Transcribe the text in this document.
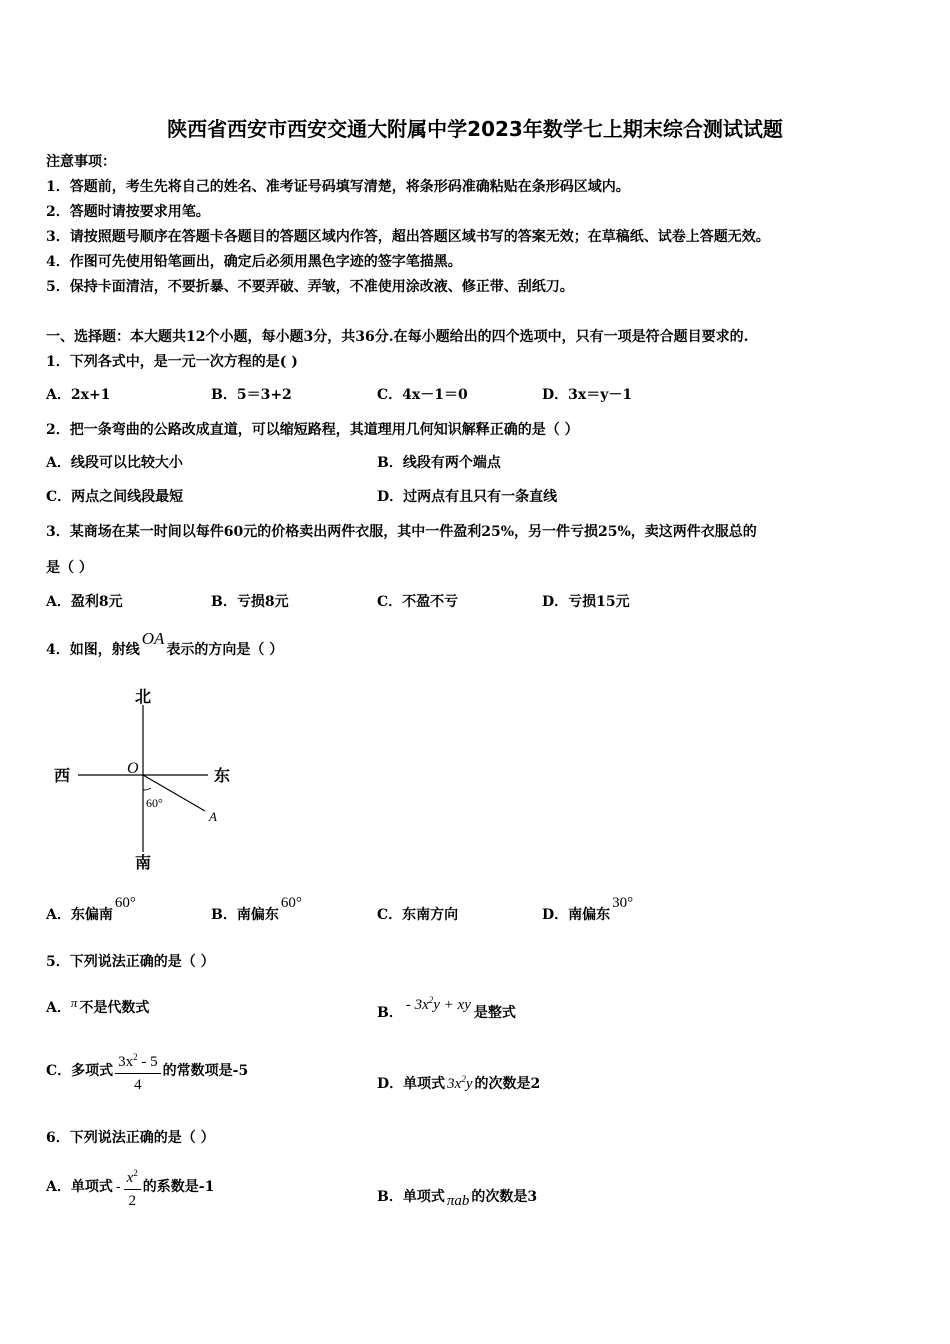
陕西省西安市西安交通大附属中学2023年数学七上期末综合测试试题
注意事项：
1．答题前，考生先将自己的姓名、准考证号码填写清楚，将条形码准确粘贴在条形码区域内。
2．答题时请按要求用笔。
3．请按照题号顺序在答题卡各题目的答题区域内作答，超出答题区域书写的答案无效；在草稿纸、试卷上答题无效。
4．作图可先使用铅笔画出，确定后必须用黑色字迹的签字笔描黑。
5．保持卡面清洁，不要折暴、不要弄破、弄皱，不准使用涂改液、修正带、刮纸刀。
一、选择题：本大题共12个小题，每小题3分，共36分.在每小题给出的四个选项中，只有一项是符合题目要求的.
1．下列各式中，是一元一次方程的是( )
A．2x+1	B．5＝3+2	C．4x－1＝0	D．3x＝y－1
2．把一条弯曲的公路改成直道，可以缩短路程，其道理用几何知识解释正确的是（ ）
A．线段可以比较大小	B．线段有两个端点
C．两点之间线段最短	D．过两点有且只有一条直线
3．某商场在某一时间以每件60元的价格卖出两件衣服，其中一件盈利25%，另一件亏损25%，卖这两件衣服总的
是（ ）
A．盈利8元	B．亏损8元	C．不盈不亏	D．亏损15元
4．如图，射线OA表示的方向是（ ）
北
南
西	东
O
A
60°
A．东偏南60°
B．南偏东60°
C．东南方向	D．南偏东30°
5．下列说法正确的是（ ）
A．π 不是代数式	B． - $3x^2y$ + xy 是整式
C．多项式 $\frac{3x^2 - 5}{4}$ 的常数项是-5
D．单项式 $3x^2y$ 的次数是2
6．下列说法正确的是（ ）
A．单项式 - $\frac{x^2}{2}$ 的系数是-1
B．单项式 πab 的次数是3
